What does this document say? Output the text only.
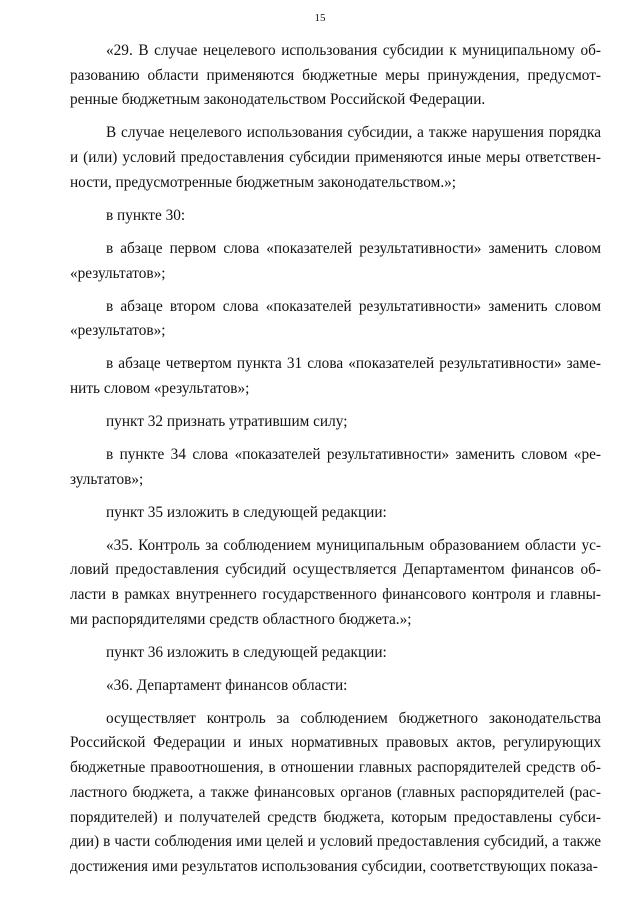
15

«29. В случае нецелевого использования субсидии к муниципальному об-
разованию области применяются бюджетные меры принуждения, предусмот-
ренные бюджетным законодательством Российской Федерации.

В случае нецелевого использования субсидии, а также нарушения порядка
и (или) условий предоставления субсидии применяются иные меры ответствен-
ности, предусмотренные бюджетным законодательством.»;

в пункте 30:

в абзаце первом слова «показателей результативности» заменить словом
«результатов»;

в абзаце втором слова «показателей результативности» заменить словом
«результатов»;

в абзаце четвертом пункта 31 слова «показателей результативности» заме-
нить словом «результатов»;

пункт 32 признать утратившим силу;

в пункте 34 слова «показателей результативности» заменить словом «ре-
зультатов»;

пункт 35 изложить в следующей редакции:

«35. Контроль за соблюдением муниципальным образованием области ус-
ловий предоставления субсидий осуществляется Департаментом финансов об-
ласти в рамках внутреннего государственного финансового контроля и главны-
ми распорядителями средств областного бюджета.»;

пункт 36 изложить в следующей редакции:

«36. Департамент финансов области:

осуществляет контроль за соблюдением бюджетного законодательства
Российской Федерации и иных нормативных правовых актов, регулирующих
бюджетные правоотношения, в отношении главных распорядителей средств об-
ластного бюджета, а также финансовых органов (главных распорядителей (рас-
порядителей) и получателей средств бюджета, которым предоставлены субси-
дии) в части соблюдения ими целей и условий предоставления субсидий, а также
достижения ими результатов использования субсидии, соответствующих показа-
